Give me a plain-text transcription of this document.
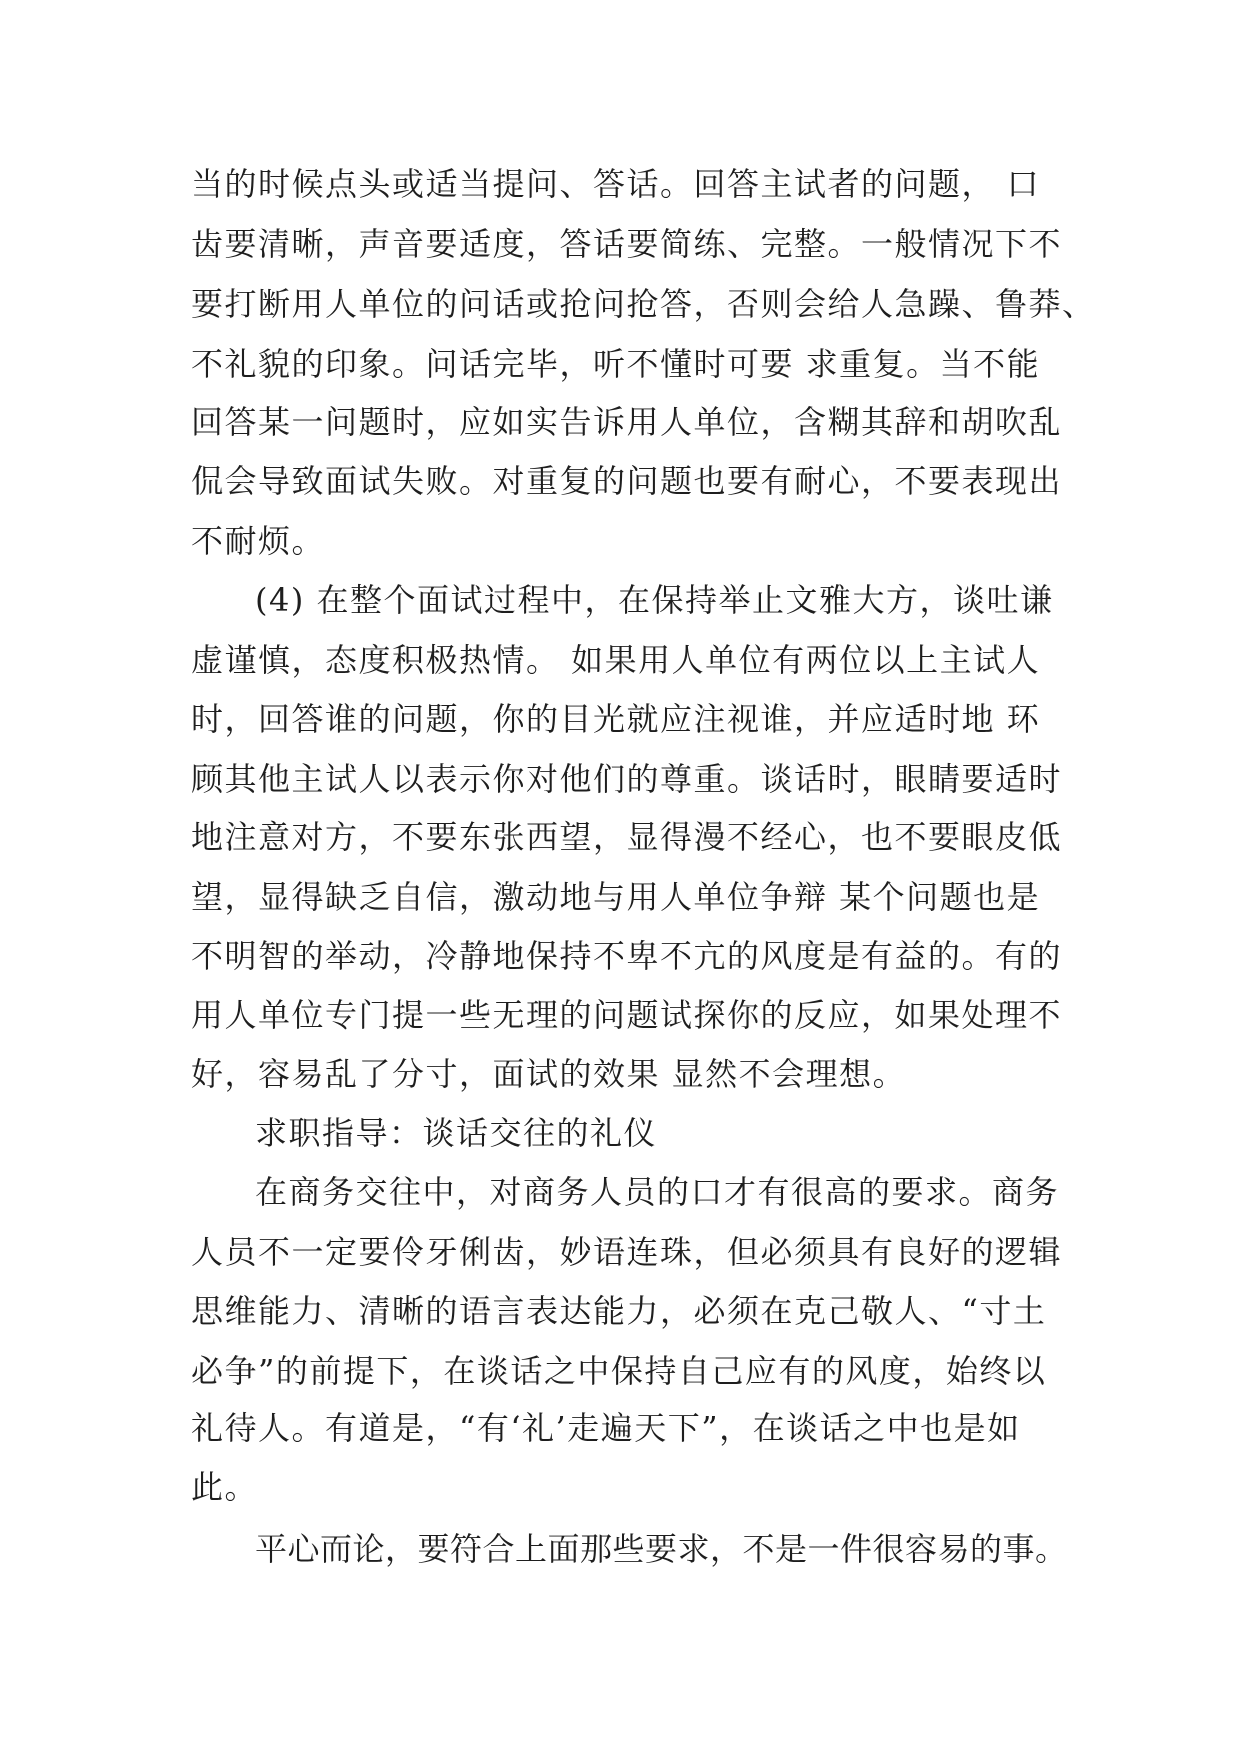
当的时候点头或适当提问、答话。回答主试者的问题， 口

齿要清晰，声音要适度，答话要简练、完整。一般情况下不

要打断用人单位的问话或抢问抢答，否则会给人急躁、鲁莽、

不礼貌的印象。问话完毕，听不懂时可要 求重复。当不能

回答某一问题时，应如实告诉用人单位，含糊其辞和胡吹乱

侃会导致面试失败。对重复的问题也要有耐心，不要表现出

不耐烦。

(4) 在整个面试过程中，在保持举止文雅大方，谈吐谦

虚谨慎，态度积极热情。 如果用人单位有两位以上主试人

时，回答谁的问题，你的目光就应注视谁，并应适时地 环

顾其他主试人以表示你对他们的尊重。谈话时，眼睛要适时

地注意对方，不要东张西望，显得漫不经心，也不要眼皮低

望，显得缺乏自信，激动地与用人单位争辩 某个问题也是

不明智的举动，冷静地保持不卑不亢的风度是有益的。有的

用人单位专门提一些无理的问题试探你的反应，如果处理不

好，容易乱了分寸，面试的效果 显然不会理想。

求职指导：谈话交往的礼仪

在商务交往中，对商务人员的口才有很高的要求。商务

人员不一定要伶牙俐齿，妙语连珠，但必须具有良好的逻辑

思维能力、清晰的语言表达能力，必须在克己敬人、“寸土

必争”的前提下，在谈话之中保持自己应有的风度，始终以

礼待人。有道是，“有‘礼’走遍天下”，在谈话之中也是如

此。

平心而论，要符合上面那些要求，不是一件很容易的事。
